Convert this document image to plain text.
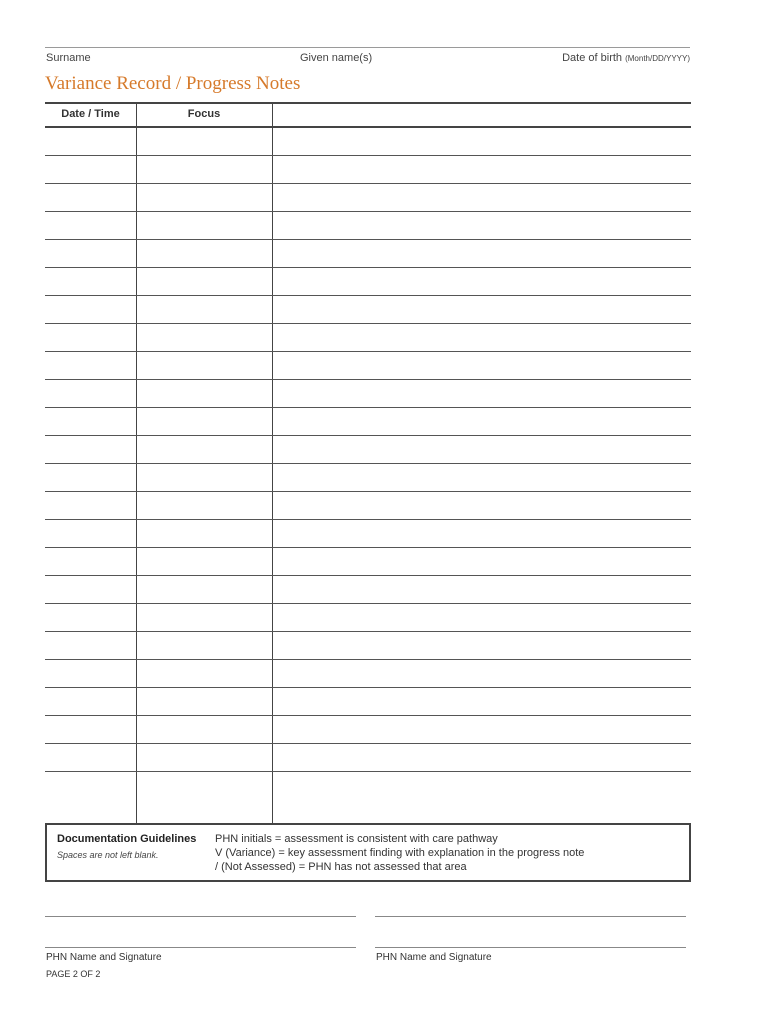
Surname	Given name(s)	Date of birth (Month/DD/YYYY)
Variance Record / Progress Notes
Date / Time	Focus
Documentation Guidelines
Spaces are not left blank.
PHN initials = assessment is consistent with care pathway
V (Variance) = key assessment finding with explanation in the progress note
/ (Not Assessed) = PHN has not assessed that area
PHN Name and Signature	PHN Name and Signature
PAGE 2 OF 2
